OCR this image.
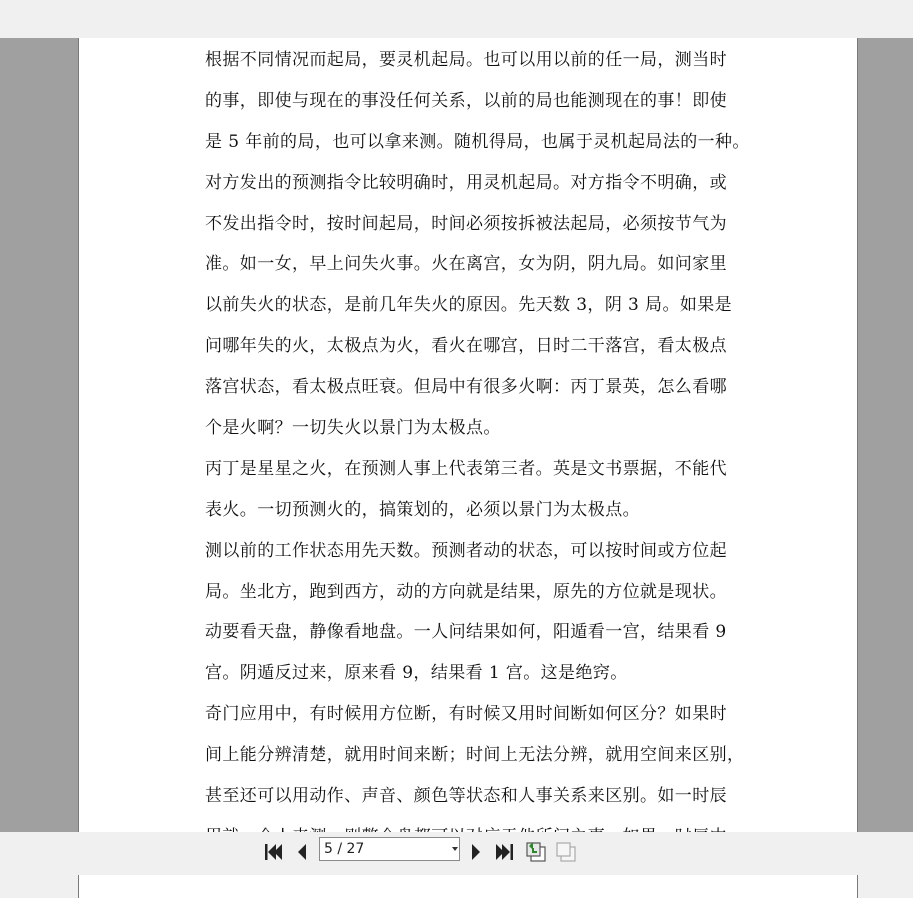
根据不同情况而起局，要灵机起局。也可以用以前的任一局，测当时
的事，即使与现在的事没任何关系，以前的局也能测现在的事！即使
是 5 年前的局，也可以拿来测。随机得局，也属于灵机起局法的一种。
对方发出的预测指令比较明确时，用灵机起局。对方指令不明确，或
不发出指令时，按时间起局，时间必须按拆被法起局，必须按节气为
准。如一女，早上问失火事。火在离宫，女为阴，阴九局。如问家里
以前失火的状态，是前几年失火的原因。先天数 3，阴 3 局。如果是
问哪年失的火，太极点为火，看火在哪宫，日时二干落宫，看太极点
落宫状态，看太极点旺衰。但局中有很多火啊：丙丁景英，怎么看哪
个是火啊？一切失火以景门为太极点。
丙丁是星星之火，在预测人事上代表第三者。英是文书票据，不能代
表火。一切预测火的，搞策划的，必须以景门为太极点。
测以前的工作状态用先天数。预测者动的状态，可以按时间或方位起
局。坐北方，跑到西方，动的方向就是结果，原先的方位就是现状。
动要看天盘，静像看地盘。一人问结果如何，阳遁看一宫，结果看 9
宫。阴遁反过来，原来看 9，结果看 1 宫。这是绝窍。
奇门应用中，有时候用方位断，有时候又用时间断如何区分？如果时
间上能分辨清楚，就用时间来断；时间上无法分辨，就用空间来区别，
甚至还可以用动作、声音、颜色等状态和人事关系来区别。如一时辰
5 / 27
